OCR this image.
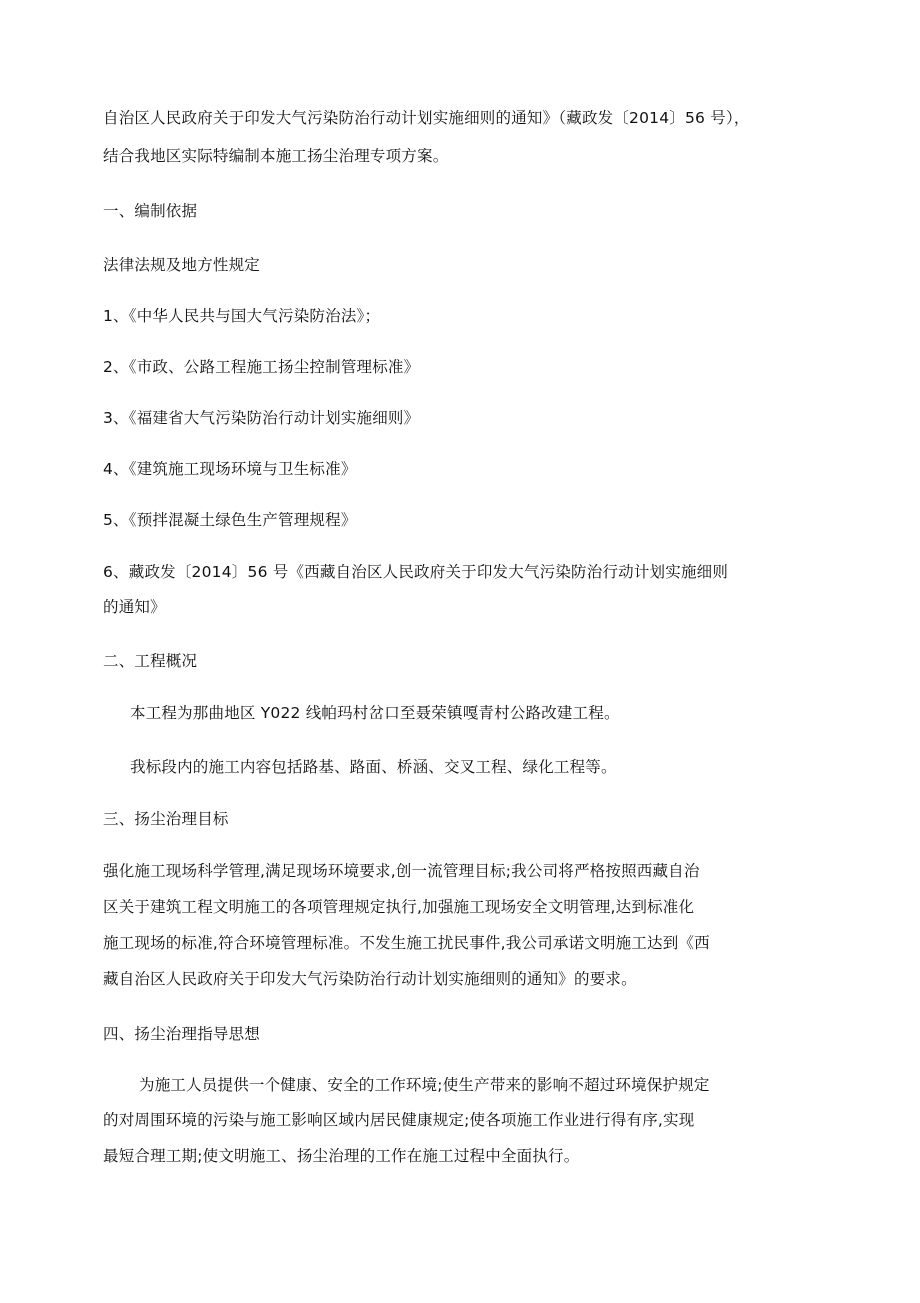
自治区人民政府关于印发大气污染防治行动计划实施细则的通知》（藏政发〔2014〕56 号），
结合我地区实际特编制本施工扬尘治理专项方案。
一、编制依据
法律法规及地方性规定
1、《中华人民共与国大气污染防治法》；
2、《市政、公路工程施工扬尘控制管理标准》
3、《福建省大气污染防治行动计划实施细则》
4、《建筑施工现场环境与卫生标准》
5、《预拌混凝土绿色生产管理规程》
6、藏政发〔2014〕56 号《西藏自治区人民政府关于印发大气污染防治行动计划实施细则
的通知》
二、工程概况
本工程为那曲地区 Y022 线帕玛村岔口至聂荣镇嘎青村公路改建工程。
我标段内的施工内容包括路基、路面、桥涵、交叉工程、绿化工程等。
三、扬尘治理目标
强化施工现场科学管理,满足现场环境要求,创一流管理目标;我公司将严格按照西藏自治
区关于建筑工程文明施工的各项管理规定执行,加强施工现场安全文明管理,达到标准化
施工现场的标准,符合环境管理标准。不发生施工扰民事件,我公司承诺文明施工达到《西
藏自治区人民政府关于印发大气污染防治行动计划实施细则的通知》的要求。
四、扬尘治理指导思想
为施工人员提供一个健康、安全的工作环境;使生产带来的影响不超过环境保护规定
的对周围环境的污染与施工影响区域内居民健康规定;使各项施工作业进行得有序,实现
最短合理工期;使文明施工、扬尘治理的工作在施工过程中全面执行。
